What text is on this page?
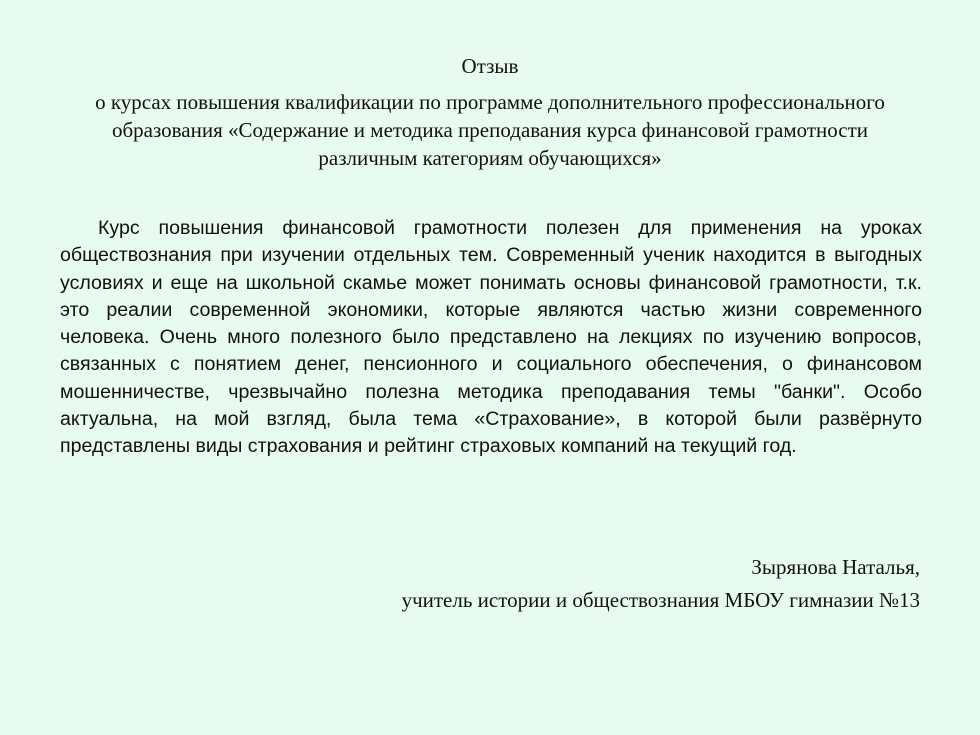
Отзыв
о курсах повышения квалификации по программе дополнительного профессионального образования «Содержание и методика преподавания курса финансовой грамотности различным категориям обучающихся»

Курс повышения финансовой грамотности полезен для применения на уроках обществознания при изучении отдельных тем. Современный ученик находится в выгодных условиях и еще на школьной скамье может понимать основы финансовой грамотности, т.к. это реалии современной экономики, которые являются частью жизни современного человека. Очень много полезного было представлено на лекциях по изучению вопросов, связанных с понятием денег, пенсионного и социального обеспечения, о финансовом мошенничестве, чрезвычайно полезна методика преподавания темы "банки". Особо актуальна, на мой взгляд, была тема «Страхование», в которой были развёрнуто представлены виды страхования и рейтинг страховых компаний на текущий год.

Зырянова Наталья,
учитель истории и обществознания МБОУ гимназии №13
